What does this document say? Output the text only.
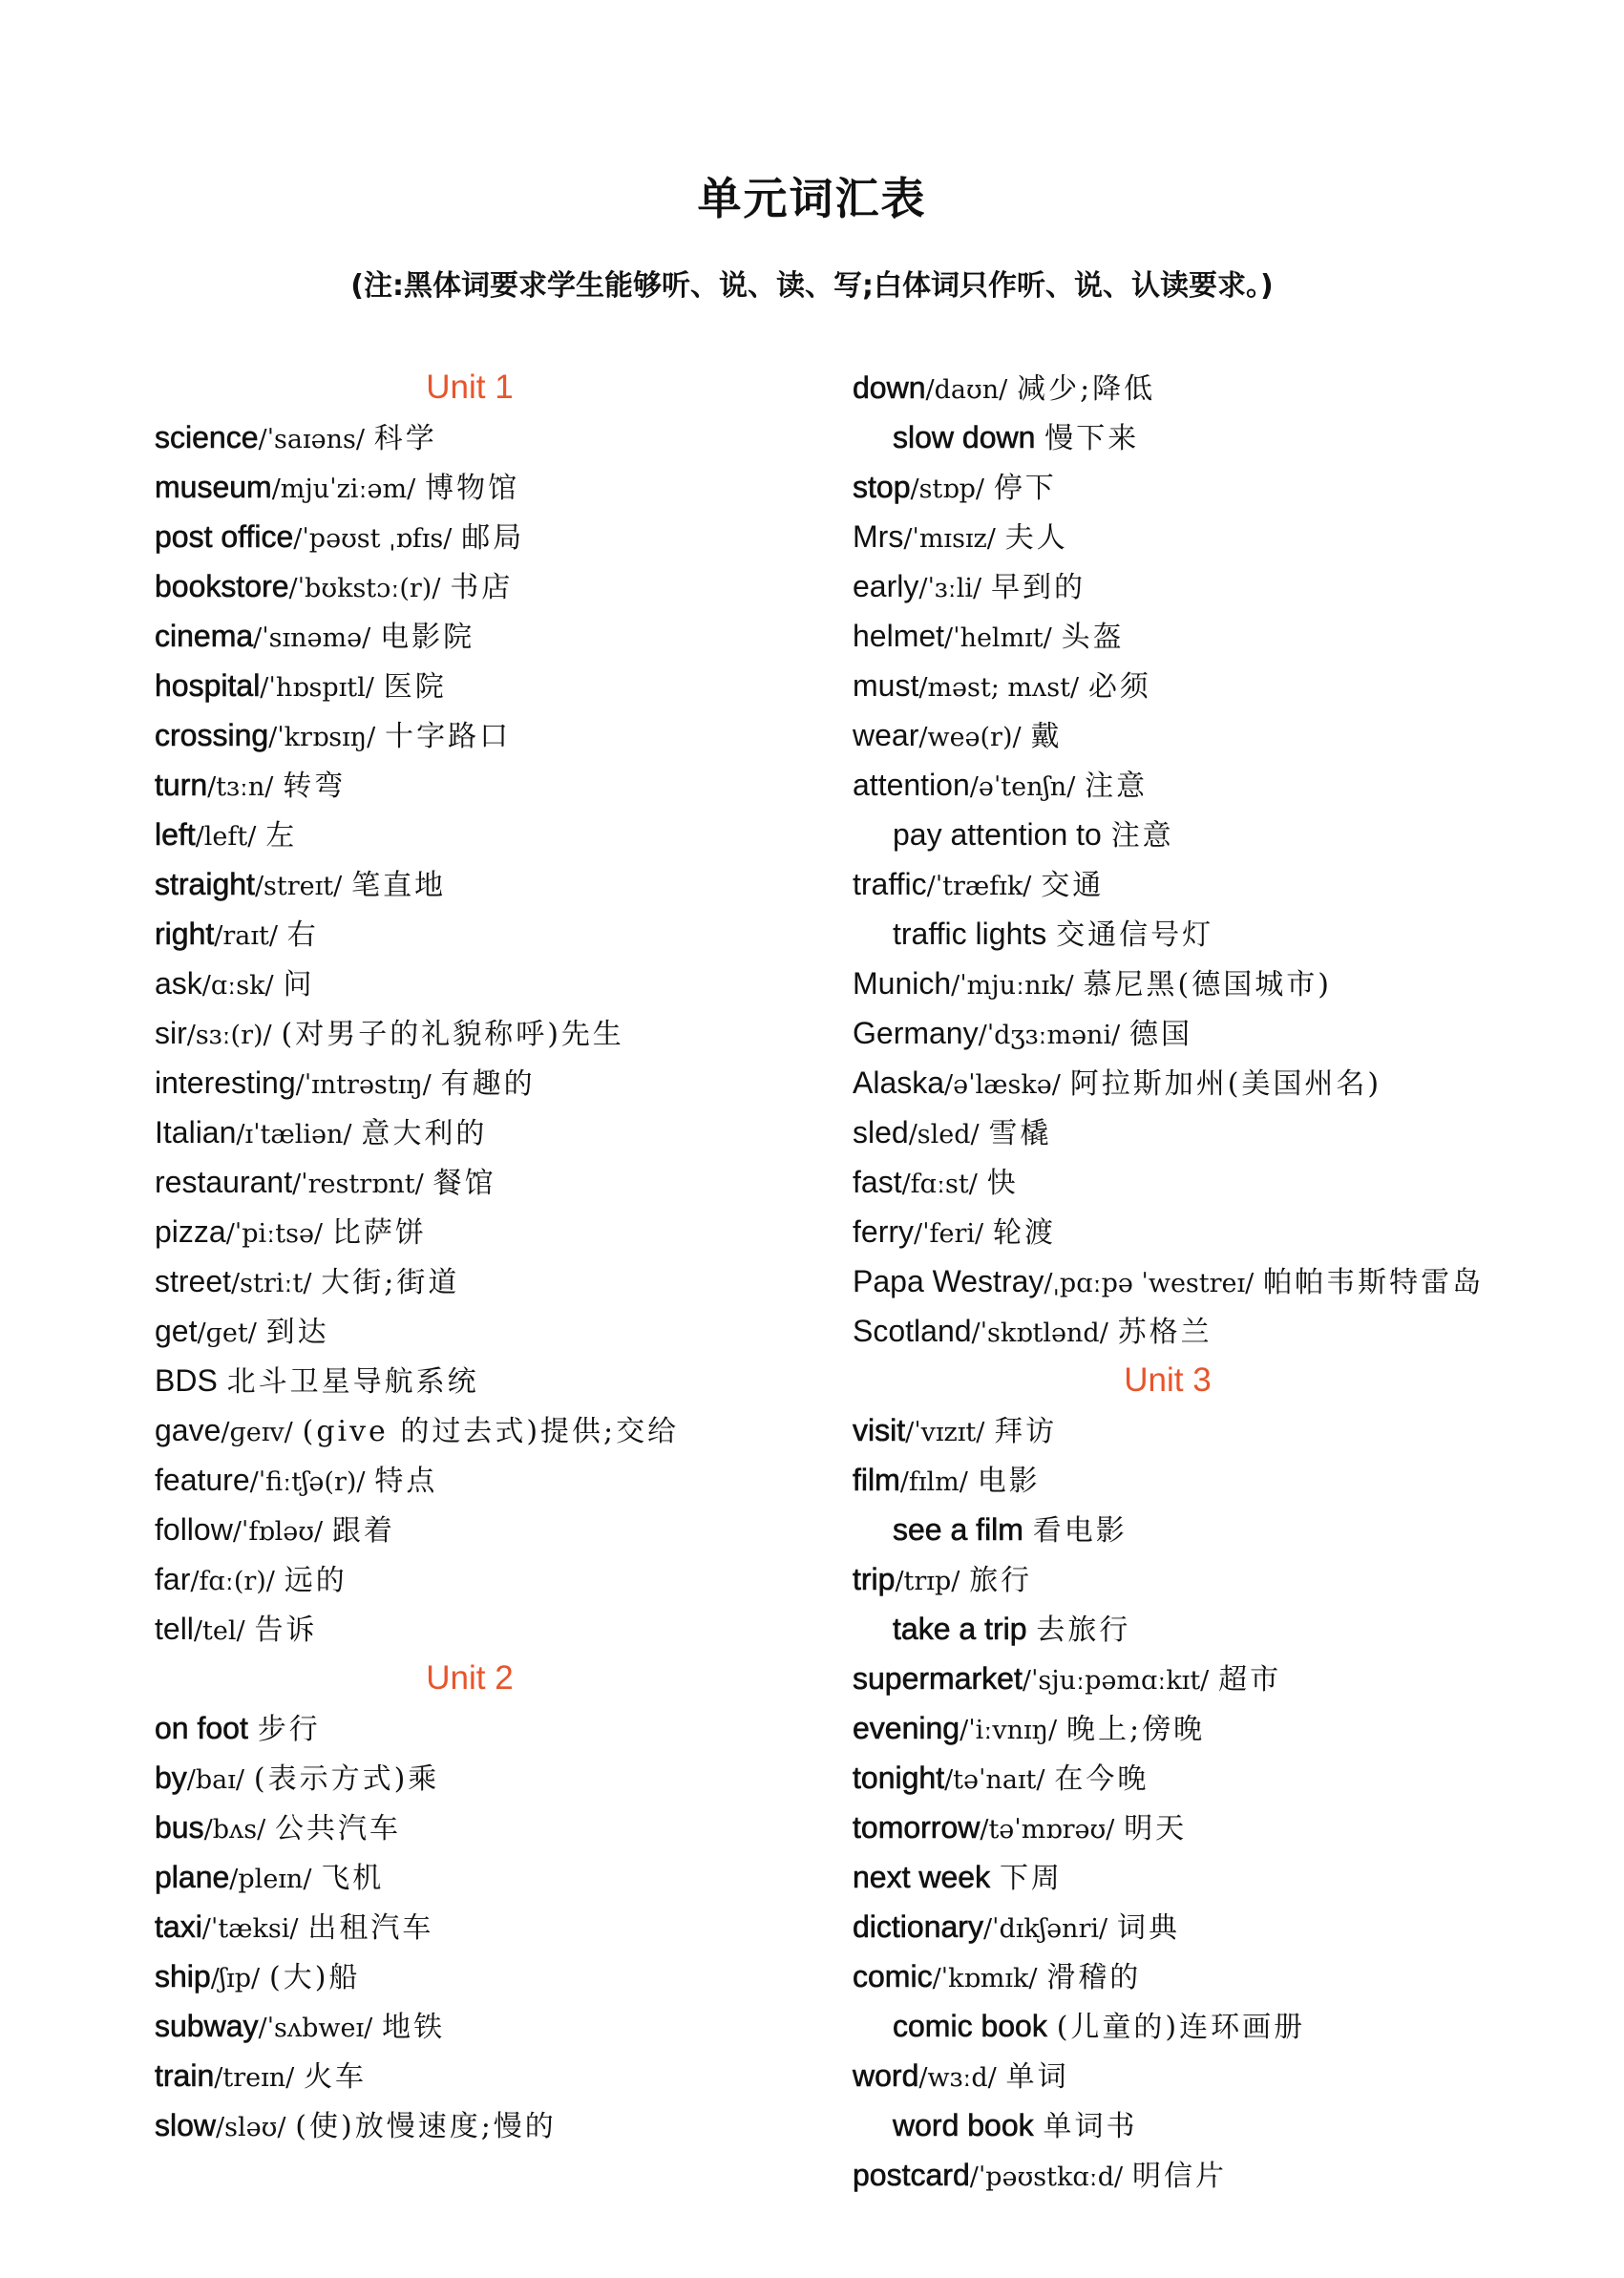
单元词汇表
(注:黑体词要求学生能够听、说、读、写;白体词只作听、说、认读要求。)
Unit 1
science/ˈsaɪəns/ 科学
museum/mjuˈziːəm/ 博物馆
post office/ˈpəʊst ˌɒfɪs/ 邮局
bookstore/ˈbʊkstɔː(r)/ 书店
cinema/ˈsɪnəmə/ 电影院
hospital/ˈhɒspɪtl/ 医院
crossing/ˈkrɒsɪŋ/ 十字路口
turn/tɜːn/ 转弯
left/left/ 左
straight/streɪt/ 笔直地
right/raɪt/ 右
ask/ɑːsk/ 问
sir/sɜː(r)/ (对男子的礼貌称呼)先生
interesting/ˈɪntrəstɪŋ/ 有趣的
Italian/ɪˈtæliən/ 意大利的
restaurant/ˈrestrɒnt/ 餐馆
pizza/ˈpiːtsə/ 比萨饼
street/striːt/ 大街;街道
get/ɡet/ 到达
BDS 北斗卫星导航系统
gave/ɡeɪv/ (give 的过去式)提供;交给
feature/ˈfiːtʃə(r)/ 特点
follow/ˈfɒləʊ/ 跟着
far/fɑː(r)/ 远的
tell/tel/ 告诉
Unit 2
on foot 步行
by/baɪ/ (表示方式)乘
bus/bʌs/ 公共汽车
plane/pleɪn/ 飞机
taxi/ˈtæksi/ 出租汽车
ship/ʃɪp/ (大)船
subway/ˈsʌbweɪ/ 地铁
train/treɪn/ 火车
slow/sləʊ/ (使)放慢速度;慢的
down/daʊn/ 减少;降低
slow down 慢下来
stop/stɒp/ 停下
Mrs/ˈmɪsɪz/ 夫人
early/ˈɜːli/ 早到的
helmet/ˈhelmɪt/ 头盔
must/məst; mʌst/ 必须
wear/weə(r)/ 戴
attention/əˈtenʃn/ 注意
pay attention to 注意
traffic/ˈtræfɪk/ 交通
traffic lights 交通信号灯
Munich/ˈmjuːnɪk/ 慕尼黑(德国城市)
Germany/ˈdʒɜːməni/ 德国
Alaska/əˈlæskə/ 阿拉斯加州(美国州名)
sled/sled/ 雪橇
fast/fɑːst/ 快
ferry/ˈferi/ 轮渡
Papa Westray/ˌpɑːpə ˈwestreɪ/ 帕帕韦斯特雷岛
Scotland/ˈskɒtlənd/ 苏格兰
Unit 3
visit/ˈvɪzɪt/ 拜访
film/fɪlm/ 电影
see a film 看电影
trip/trɪp/ 旅行
take a trip 去旅行
supermarket/ˈsjuːpəmɑːkɪt/ 超市
evening/ˈiːvnɪŋ/ 晚上;傍晚
tonight/təˈnaɪt/ 在今晚
tomorrow/təˈmɒrəʊ/ 明天
next week 下周
dictionary/ˈdɪkʃənri/ 词典
comic/ˈkɒmɪk/ 滑稽的
comic book (儿童的)连环画册
word/wɜːd/ 单词
word book 单词书
postcard/ˈpəʊstkɑːd/ 明信片
